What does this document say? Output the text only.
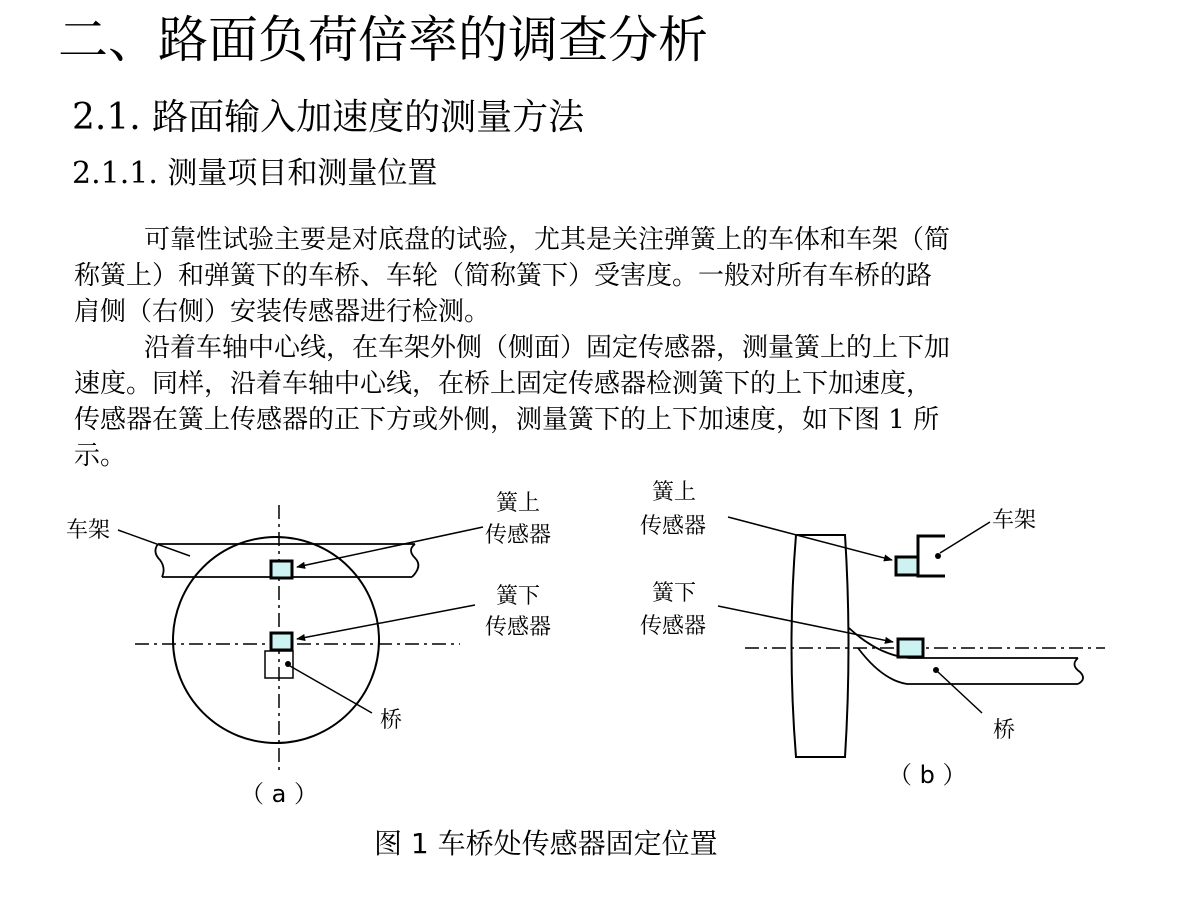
二、路面负荷倍率的调查分析
2.1. 路面输入加速度的测量方法
2.1.1. 测量项目和测量位置

可靠性试验主要是对底盘的试验，尤其是关注弹簧上的车体和车架（简
称簧上）和弹簧下的车桥、车轮（简称簧下）受害度。一般对所有车桥的路
肩侧（右侧）安装传感器进行检测。

沿着车轴中心线，在车架外侧（侧面）固定传感器，测量簧上的上下加
速度。同样，沿着车轴中心线，在桥上固定传感器检测簧下的上下加速度，
传感器在簧上传感器的正下方或外侧，测量簧下的上下加速度，如下图 1 所
示。

车架
簧上
传感器
簧下
传感器
桥
（ a ）
簧上
传感器	车架
簧下
传感器
桥
（ b ）
图 1 车桥处传感器固定位置
